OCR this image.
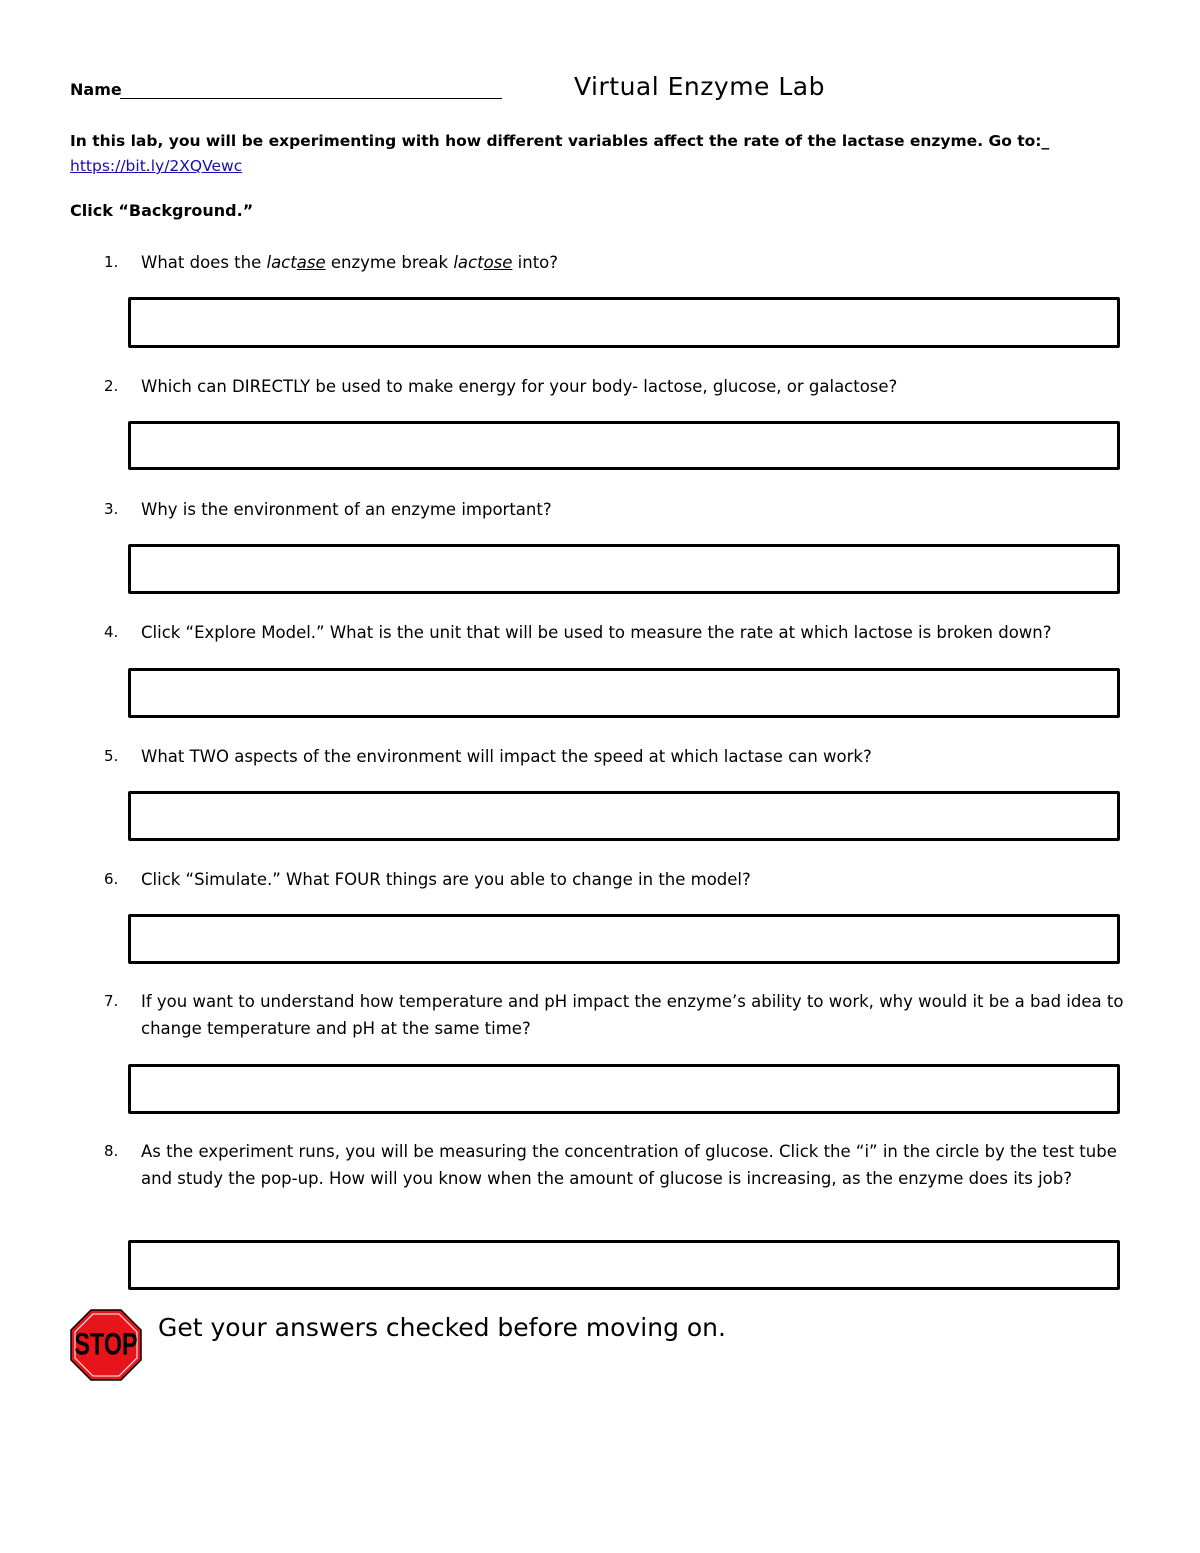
Name	Virtual Enzyme Lab
In this lab, you will be experimenting with how different variables affect the rate of the lactase enzyme. Go to:_
https://bit.ly/2XQVewc
Click “Background.”
1.	What does the lactase enzyme break lactose into?
2.	Which can DIRECTLY be used to make energy for your body- lactose, glucose, or galactose?
3.	Why is the environment of an enzyme important?
4.	Click “Explore Model.” What is the unit that will be used to measure the rate at which lactose is broken down?
5.	What TWO aspects of the environment will impact the speed at which lactase can work?
6.	Click “Simulate.” What FOUR things are you able to change in the model?
7.	If you want to understand how temperature and pH impact the enzyme’s ability to work, why would it be a bad idea to change temperature and pH at the same time?
8.	As the experiment runs, you will be measuring the concentration of glucose. Click the “i” in the circle by the test tube and study the pop-up. How will you know when the amount of glucose is increasing, as the enzyme does its job?
STOP Get your answers checked before moving on.
